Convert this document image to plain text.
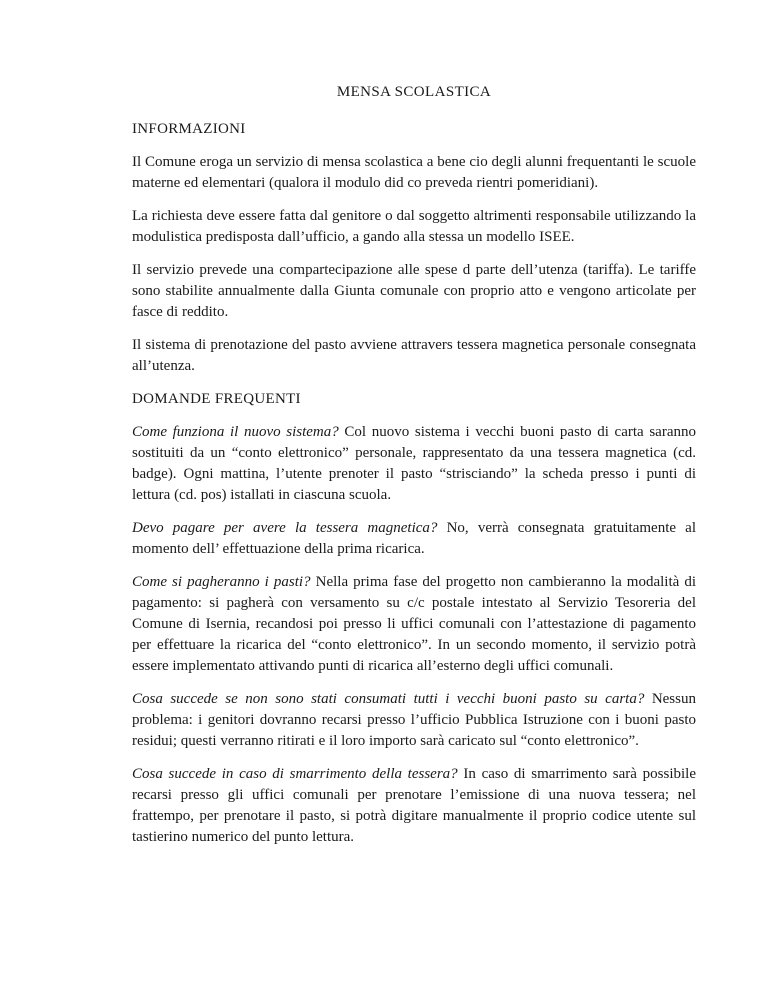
MENSA SCOLASTICA
INFORMAZIONI

Il Comune eroga un servizio di mensa scolastica a bene cio degli alunni frequentanti le scuole materne ed elementari (qualora il modulo did co preveda rientri pomeridiani).

La richiesta deve essere fatta dal genitore o dal soggetto altrimenti responsabile utilizzando la modulistica predisposta dall’ufficio, a gando alla stessa un modello ISEE.

Il servizio prevede una compartecipazione alle spese d parte dell’utenza (tariffa). Le tariffe sono stabilite annualmente dalla Giunta comunale con proprio atto e vengono articolate per fasce di reddito.

Il sistema di prenotazione del pasto avviene attravers tessera magnetica personale consegnata all’utenza.

DOMANDE FREQUENTI

Come funziona il nuovo sistema? Col nuovo sistema i vecchi buoni pasto di carta saranno sostituiti da un “conto elettronico” personale, rappresentato da una tessera magnetica (cd. badge). Ogni mattina, l’utente prenoter il pasto “strisciando” la scheda presso i punti di lettura (cd. pos) istallati in ciascuna scuola.

Devo pagare per avere la tessera magnetica? No, verrà consegnata gratuitamente al momento dell’ effettuazione della prima ricarica.

Come si pagheranno i pasti? Nella prima fase del progetto non cambieranno la modalità di pagamento: si pagherà con versamento su c/c postale intestato al Servizio Tesoreria del Comune di Isernia, recandosi poi presso li uffici comunali con l’attestazione di pagamento per effettuare la ricarica del “conto elettronico”. In un secondo momento, il servizio potrà essere implementato attivando punti di ricarica all’esterno degli uffici comunali.

Cosa succede se non sono stati consumati tutti i vecchi buoni pasto su carta? Nessun problema: i genitori dovranno recarsi presso l’ufficio Pubblica Istruzione con i buoni pasto residui; questi verranno ritirati e il loro importo sarà caricato sul “conto elettronico”.

Cosa succede in caso di smarrimento della tessera? In caso di smarrimento sarà possibile recarsi presso gli uffici comunali per prenotare l’emissione di una nuova tessera; nel frattempo, per prenotare il pasto, si potrà digitare manualmente il proprio codice utente sul tastierino numerico del punto lettura.
